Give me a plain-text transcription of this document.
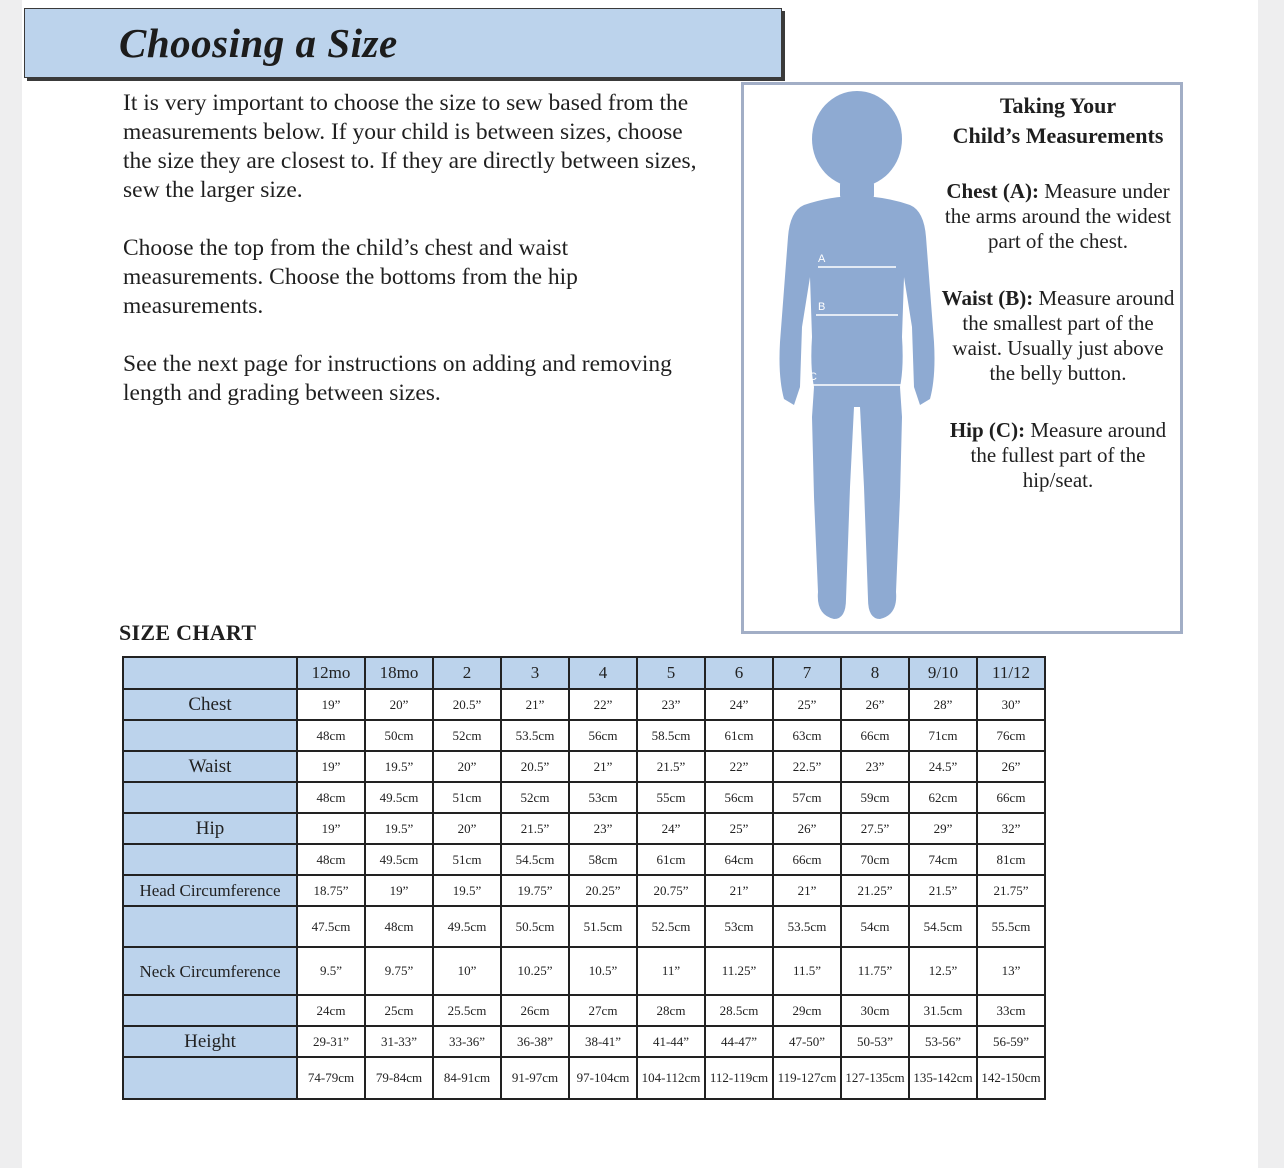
Choosing a Size

It is very important to choose the size to sew based from the measurements below. If your child is between sizes, choose the size they are closest to. If they are directly between sizes, sew the larger size.

Choose the top from the child’s chest and waist measurements. Choose the bottoms from the hip measurements.

See the next page for instructions on adding and removing length and grading between sizes.

A
B
C
Taking Your
Child’s Measurements

Chest (A): Measure under the arms around the widest part of the chest.

Waist (B): Measure around the smallest part of the waist. Usually just above the belly button.

Hip (C): Measure around the fullest part of the hip/seat.

SIZE CHART
	12mo	18mo	2	3	4	5	6	7	8	9/10	11/12
Chest	19”	20”	20.5”	21”	22”	23”	24”	25”	26”	28”	30”
	48cm	50cm	52cm	53.5cm	56cm	58.5cm	61cm	63cm	66cm	71cm	76cm
Waist	19”	19.5”	20”	20.5”	21”	21.5”	22”	22.5”	23”	24.5”	26”
	48cm	49.5cm	51cm	52cm	53cm	55cm	56cm	57cm	59cm	62cm	66cm
Hip	19”	19.5”	20”	21.5”	23”	24”	25”	26”	27.5”	29”	32”
	48cm	49.5cm	51cm	54.5cm	58cm	61cm	64cm	66cm	70cm	74cm	81cm
Head Circumference	18.75”	19”	19.5”	19.75”	20.25”	20.75”	21”	21”	21.25”	21.5”	21.75”
	47.5cm	48cm	49.5cm	50.5cm	51.5cm	52.5cm	53cm	53.5cm	54cm	54.5cm	55.5cm
Neck Circumference	9.5”	9.75”	10”	10.25”	10.5”	11”	11.25”	11.5”	11.75”	12.5”	13”
	24cm	25cm	25.5cm	26cm	27cm	28cm	28.5cm	29cm	30cm	31.5cm	33cm
Height	29-31”	31-33”	33-36”	36-38”	38-41”	41-44”	44-47”	47-50”	50-53”	53-56”	56-59”
	74-79cm	79-84cm	84-91cm	91-97cm	97-104cm	104-112cm	112-119cm	119-127cm	127-135cm	135-142cm	142-150cm
